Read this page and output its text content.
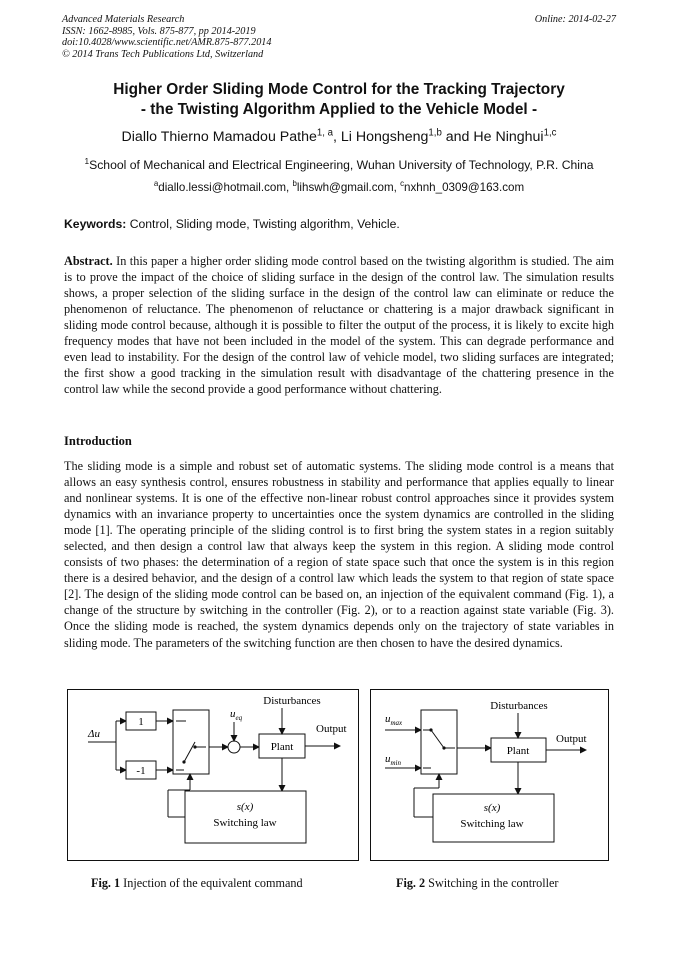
Advanced Materials Research
ISSN: 1662-8985, Vols. 875-877, pp 2014-2019
doi:10.4028/www.scientific.net/AMR.875-877.2014
© 2014 Trans Tech Publications Ltd, Switzerland
Online: 2014-02-27
Higher Order Sliding Mode Control for the Tracking Trajectory
- the Twisting Algorithm Applied to the Vehicle Model -
Diallo Thierno Mamadou Pathe$^{1, a}$, Li Hongsheng$^{1,b}$ and He Ninghui$^{1,c}$
$^1$School of Mechanical and Electrical Engineering, Wuhan University of Technology, P.R. China
$^a$diallo.lessi@hotmail.com, $^b$lihswh@gmail.com, $^c$nxhnh_0309@163.com
Keywords: Control, Sliding mode, Twisting algorithm, Vehicle.
Abstract. In this paper a higher order sliding mode control based on the twisting algorithm is studied. The aim is to prove the impact of the choice of sliding surface in the design of the control law. The simulation results shows, a proper selection of the sliding surface in the design of the control law can eliminate or reduce the phenomenon of reluctance. The phenomenon of reluctance or chattering is a major drawback significant in sliding mode control because, although it is possible to filter the output of the process, it is likely to excite high frequency modes that have not been included in the model of the system. This can degrade performance and even lead to instability. For the design of the control law of vehicle model, two sliding surfaces are integrated; the first show a good tracking in the simulation result with disadvantage of the chattering presence in the control law while the second provide a good performance without chattering.
Introduction
The sliding mode is a simple and robust set of automatic systems. The sliding mode control is a means that allows an easy synthesis control, ensures robustness in stability and performance that applies equally to linear and nonlinear systems. It is one of the effective non-linear robust control approaches since it provides system dynamics with an invariance property to uncertainties once the system dynamics are controlled in the sliding mode [1]. The operating principle of the sliding control is to first bring the system states in a region suitably selected, and then design a control law that always keep the system in this region. A sliding mode control consists of two phases: the determination of a region of state space such that once the system is in this region there is a desired behavior, and the design of a control law which leads the system to that region of state space [2]. The design of the sliding mode control can be based on, an injection of the equivalent command (Fig. 1), a change of the structure by switching in the controller (Fig. 2), or to a reaction against state variable (Fig. 3). Once the sliding mode is reached, the system dynamics depends only on the trajectory of state variables in sliding mode. The parameters of the switching function are then chosen to have the desired dynamics.
Δu
1
-1
$u_{eq}$
Plant
Disturbances
Output
s(x)
Switching law
Fig. 1 Injection of the equivalent command
$u_{max}$
$u_{min}$
Plant
Disturbances
Output
s(x)
Switching law
Fig. 2 Switching in the controller
